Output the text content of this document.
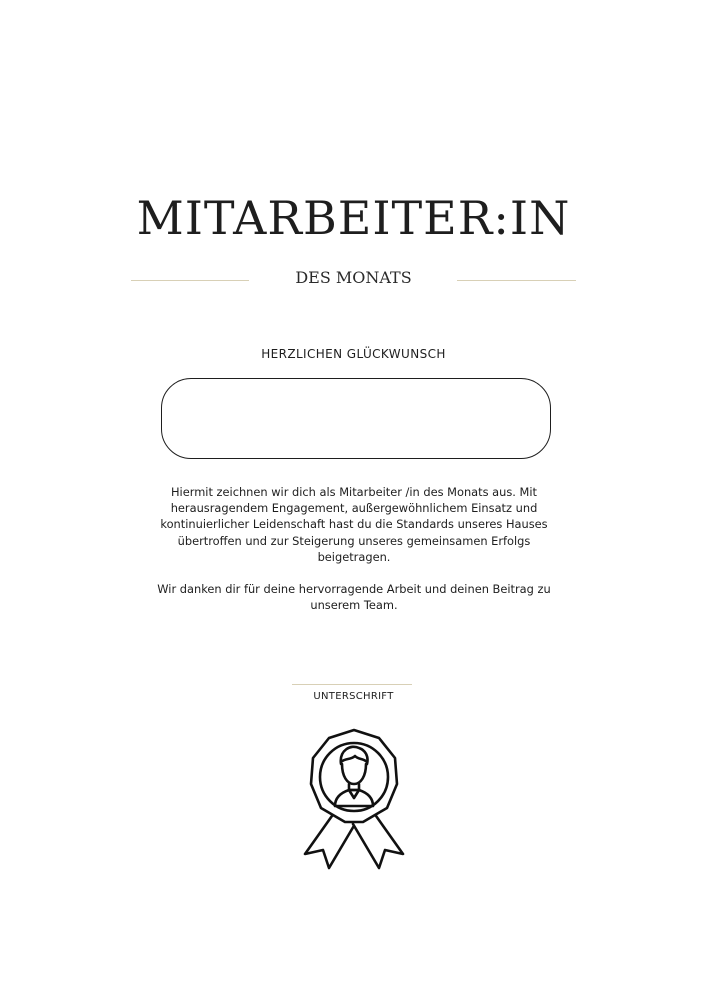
MITARBEITER:IN
DES MONATS
HERZLICHEN GLÜCKWUNSCH

Hiermit zeichnen wir dich als Mitarbeiter /in des Monats aus. Mit herausragendem Engagement, außergewöhnlichem Einsatz und kontinuierlicher Leidenschaft hast du die Standards unseres Hauses übertroffen und zur Steigerung unseres gemeinsamen Erfolgs beigetragen.

Wir danken dir für deine hervorragende Arbeit und deinen Beitrag zu unserem Team.

UNTERSCHRIFT
